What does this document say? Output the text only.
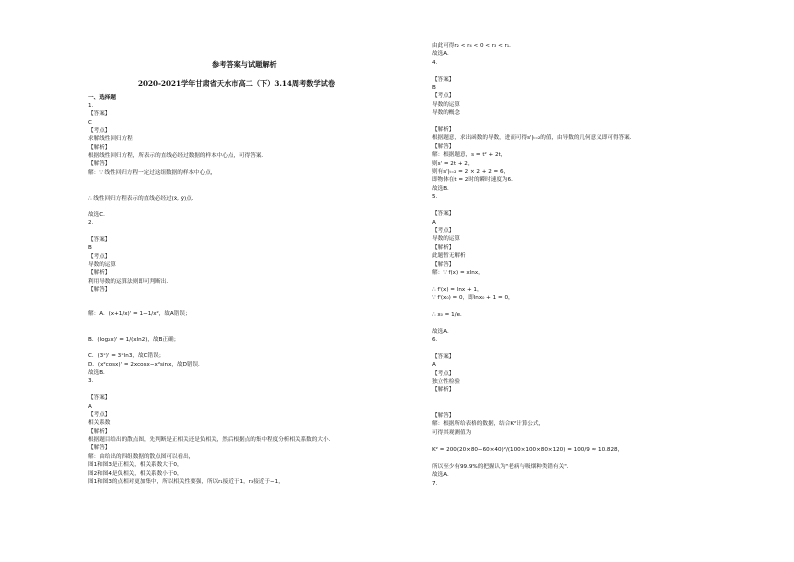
参考答案与试题解析
2020-2021学年甘肃省天水市高二（下）3.14周考数学试卷
一、选择题
1.
【答案】
C
【考点】
求解线性回归方程
【解析】
根据线性回归方程，所表示的直线必经过数据的样本中心点，可得答案．
【解答】
解：∵ 线性回归方程一定过这组数据的样本中心点，
∴ 线性回归方程表示的直线必经过(x̄, ȳ)点．
故选C．
2.
【答案】
B
【考点】
导数的运算
【解析】
利用导数的运算法则即可判断出．
【解答】
解：A．(x+1/x)' = 1−1/x²，故A错误；
B．(log₂x)' = 1/(xln2)，故B正确；
C．(3ˣ)' = 3ˣln3，故C错误；
D．(x²cosx)' = 2xcosx−x²sinx，故D错误．
故选B．
3.
【答案】
A
【考点】
相关系数
【解析】
根据题目给出的散点图，先判断是正相关还是负相关，然后根据点的集中程度分析相关系数的大小．
【解答】
解：由给出的四组数据的散点图可以看出，
图1和图3是正相关，相关系数大于0，
图2和图4是负相关，相关系数小于0，
图1和图3的点相对更加集中，所以相关性要强，所以r₁接近于1，r₃接近于−1，
由此可得r₂ < r₄ < 0 < r₃ < r₁．
故选A．
4.
【答案】
B
【考点】
导数的运算
导数的概念
【解析】
根据题意，求出函数的导数，进而可得s'|ₜ₌₂的值，由导数的几何意义即可得答案．
【解答】
解：根据题意，s = t² + 2t，
则s' = 2t + 2，
则有s'|ₜ₌₂ = 2 × 2 + 2 = 6，
即物体在t = 2时的瞬时速度为6．
故选B．
5.
【答案】
A
【考点】
导数的运算
【解析】
此题暂无解析
【解答】
解：∵ f(x) = xlnx，
∴ f'(x) = lnx + 1，
∵ f'(x₀) = 0，即lnx₀ + 1 = 0，
∴ x₀ = 1/e．
故选A．
6.
【答案】
A
【考点】
独立性检验
【解析】
【解答】
解：根据所给表格的数据，结合K²计算公式，
可得其观测值为
K² = 200(20×80−60×40)²/(100×100×80×120) = 100/9 ≈ 10.828，
所以至少有99.9%的把握认为"老病与吸烟种类错有关"．
故选A．
7.
